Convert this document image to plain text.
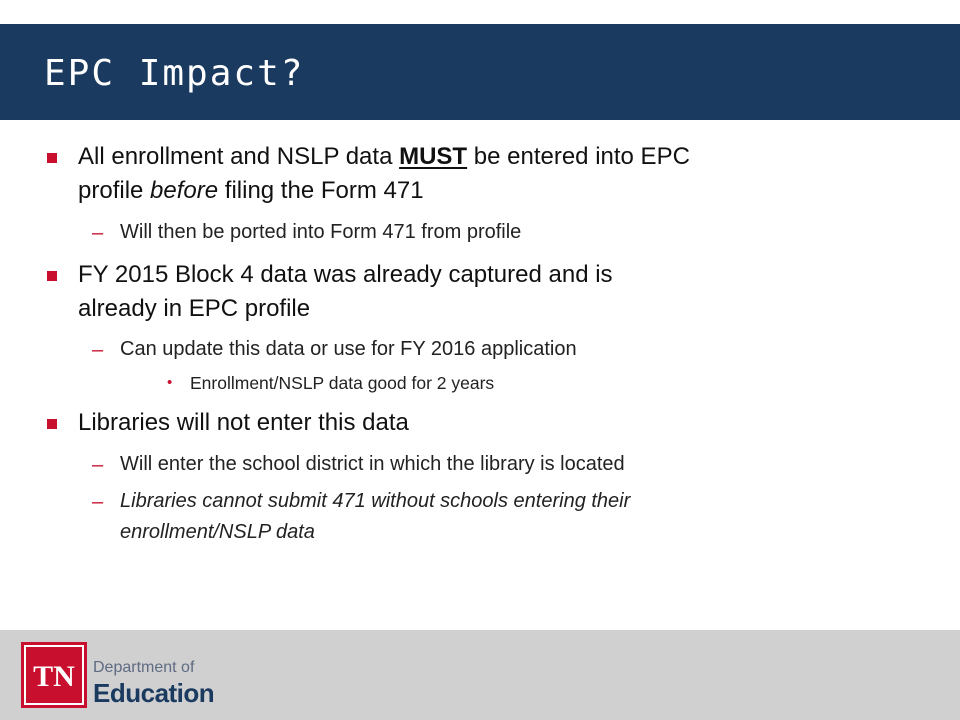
EPC Impact?
All enrollment and NSLP data MUST be entered into EPC
profile before filing the Form 471
– Will then be ported into Form 471 from profile
FY 2015 Block 4 data was already captured and is
already in EPC profile
– Can update this data or use for FY 2016 application
• Enrollment/NSLP data good for 2 years
Libraries will not enter this data
– Will enter the school district in which the library is located
– Libraries cannot submit 471 without schools entering their
enrollment/NSLP data
TN Department of
Education
